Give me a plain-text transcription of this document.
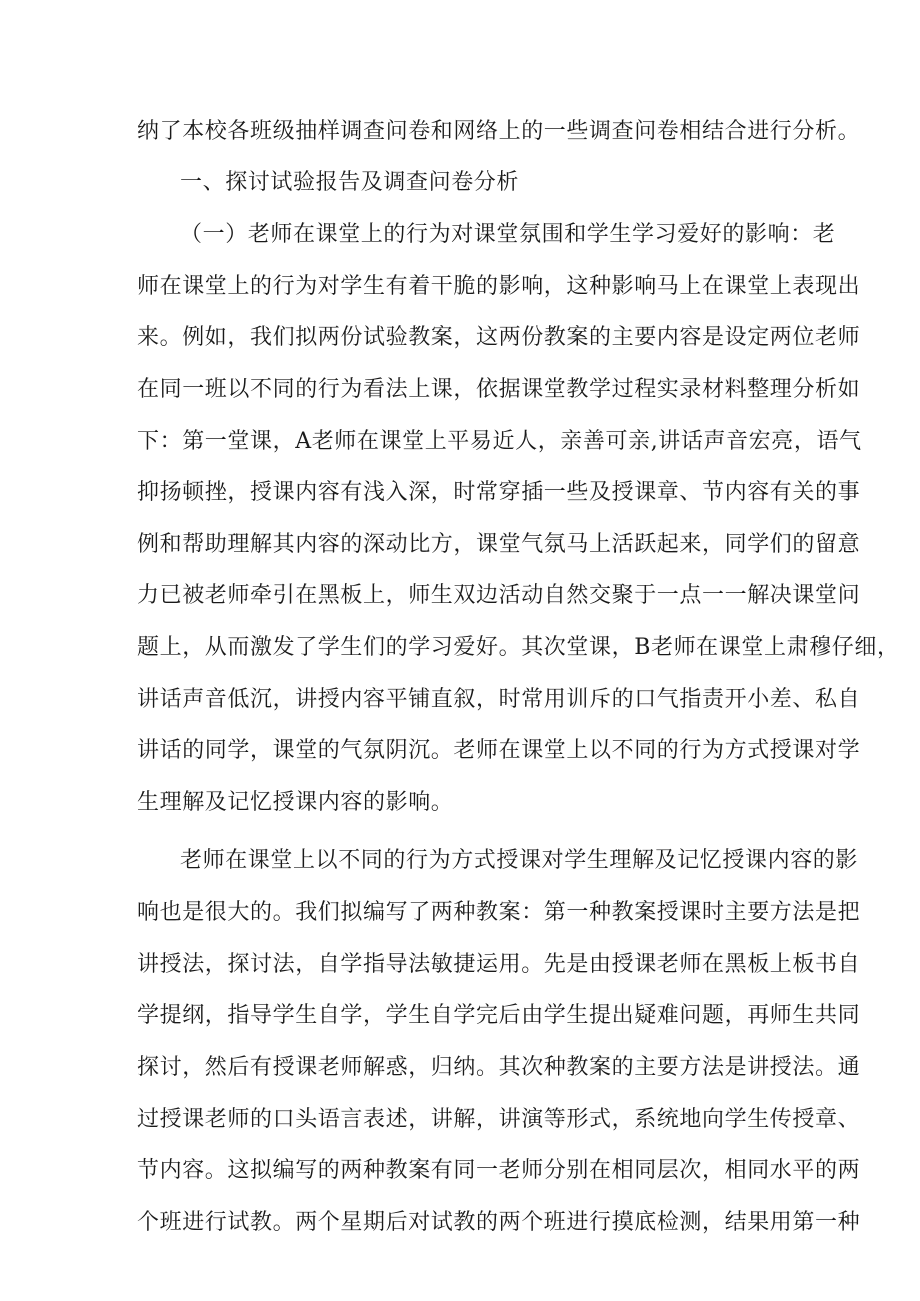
纳了本校各班级抽样调查问卷和网络上的一些调查问卷相结合进行分析。
一、探讨试验报告及调查问卷分析
（一）老师在课堂上的行为对课堂氛围和学生学习爱好的影响：老
师在课堂上的行为对学生有着干脆的影响，这种影响马上在课堂上表现出
来。例如，我们拟两份试验教案，这两份教案的主要内容是设定两位老师
在同一班以不同的行为看法上课，依据课堂教学过程实录材料整理分析如
下：第一堂课，A老师在课堂上平易近人，亲善可亲,讲话声音宏亮，语气
抑扬顿挫，授课内容有浅入深，时常穿插一些及授课章、节内容有关的事
例和帮助理解其内容的深动比方，课堂气氛马上活跃起来，同学们的留意
力已被老师牵引在黑板上，师生双边活动自然交聚于一点一一解决课堂问
题上，从而激发了学生们的学习爱好。其次堂课，B老师在课堂上肃穆仔细，
讲话声音低沉，讲授内容平铺直叙，时常用训斥的口气指责开小差、私自
讲话的同学，课堂的气氛阴沉。老师在课堂上以不同的行为方式授课对学
生理解及记忆授课内容的影响。
老师在课堂上以不同的行为方式授课对学生理解及记忆授课内容的影
响也是很大的。我们拟编写了两种教案：第一种教案授课时主要方法是把
讲授法，探讨法，自学指导法敏捷运用。先是由授课老师在黑板上板书自
学提纲，指导学生自学，学生自学完后由学生提出疑难问题，再师生共同
探讨，然后有授课老师解惑，归纳。其次种教案的主要方法是讲授法。通
过授课老师的口头语言表述，讲解，讲演等形式，系统地向学生传授章、
节内容。这拟编写的两种教案有同一老师分别在相同层次，相同水平的两
个班进行试教。两个星期后对试教的两个班进行摸底检测，结果用第一种
